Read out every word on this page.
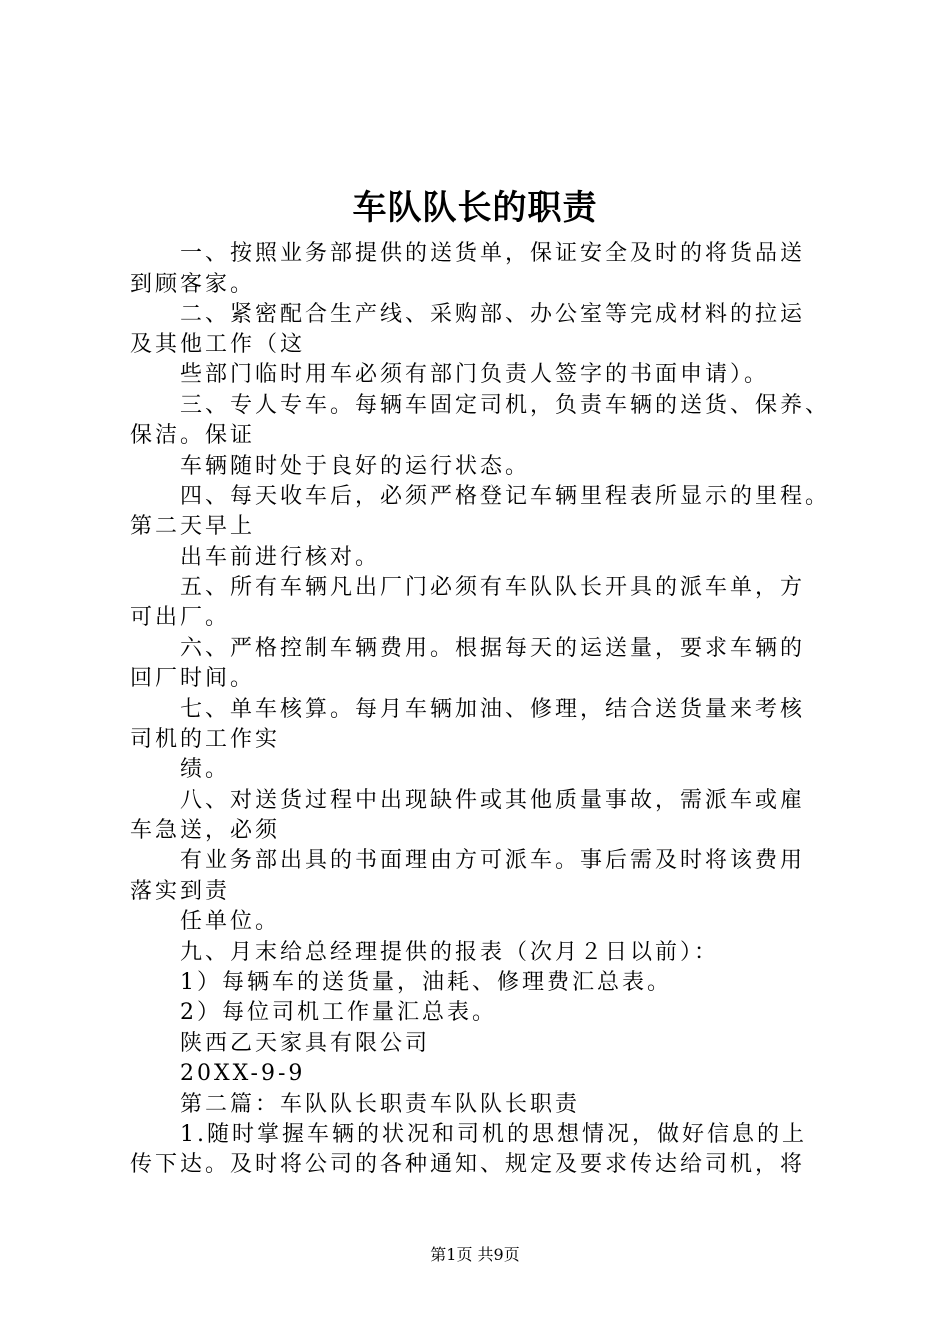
车队队长的职责
一、按照业务部提供的送货单，保证安全及时的将货品送
到顾客家。
二、紧密配合生产线、采购部、办公室等完成材料的拉运
及其他工作（这
些部门临时用车必须有部门负责人签字的书面申请）。
三、专人专车。每辆车固定司机，负责车辆的送货、保养、
保洁。保证
车辆随时处于良好的运行状态。
四、每天收车后，必须严格登记车辆里程表所显示的里程。
第二天早上
出车前进行核对。
五、所有车辆凡出厂门必须有车队队长开具的派车单，方
可出厂。
六、严格控制车辆费用。根据每天的运送量，要求车辆的
回厂时间。
七、单车核算。每月车辆加油、修理，结合送货量来考核
司机的工作实
绩。
八、对送货过程中出现缺件或其他质量事故，需派车或雇
车急送，必须
有业务部出具的书面理由方可派车。事后需及时将该费用
落实到责
任单位。
九、月末给总经理提供的报表（次月２日以前）：
1）每辆车的送货量，油耗、修理费汇总表。
2）每位司机工作量汇总表。
陕西乙天家具有限公司
20XX-9-9
第二篇：车队队长职责车队队长职责
1.随时掌握车辆的状况和司机的思想情况，做好信息的上
传下达。及时将公司的各种通知、规定及要求传达给司机，将
第1页 共9页
